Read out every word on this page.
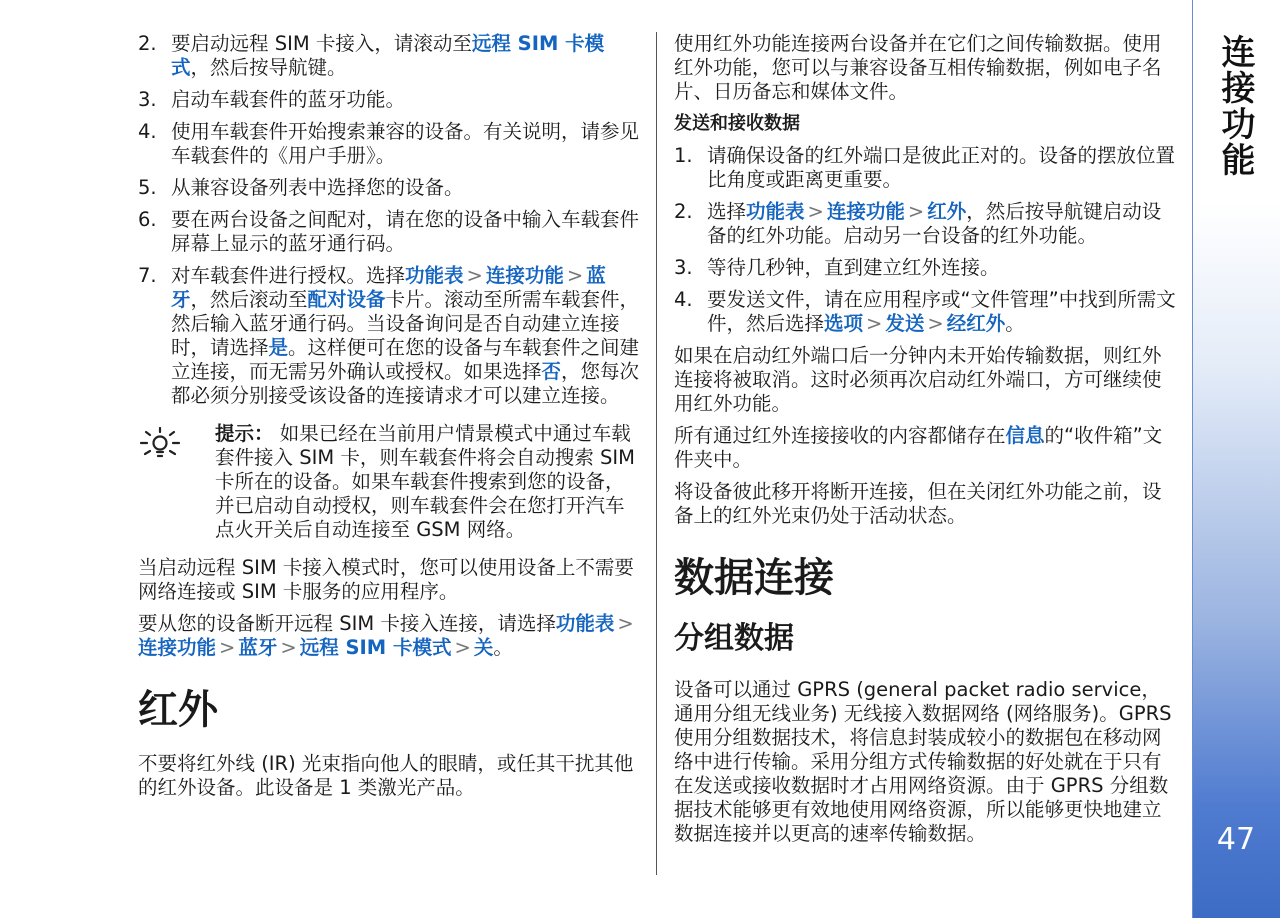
连接功能
47
2. 要启动远程 SIM 卡接入，请滚动至远程 SIM 卡模式，然后按导航键。
3. 启动车载套件的蓝牙功能。
4. 使用车载套件开始搜索兼容的设备。有关说明，请参见车载套件的《用户手册》。
5. 从兼容设备列表中选择您的设备。
6. 要在两台设备之间配对，请在您的设备中输入车载套件屏幕上显示的蓝牙通行码。
7. 对车载套件进行授权。选择功能表 > 连接功能 > 蓝牙，然后滚动至配对设备卡片。滚动至所需车载套件，然后输入蓝牙通行码。当设备询问是否自动建立连接时，请选择是。这样便可在您的设备与车载套件之间建立连接，而无需另外确认或授权。如果选择否，您每次都必须分别接受该设备的连接请求才可以建立连接。
提示： 如果已经在当前用户情景模式中通过车载套件接入 SIM 卡，则车载套件将会自动搜索 SIM 卡所在的设备。如果车载套件搜索到您的设备，并已启动自动授权，则车载套件会在您打开汽车点火开关后自动连接至 GSM 网络。

当启动远程 SIM 卡接入模式时，您可以使用设备上不需要网络连接或 SIM 卡服务的应用程序。

要从您的设备断开远程 SIM 卡接入连接，请选择功能表 >连接功能 > 蓝牙 > 远程 SIM 卡模式 > 关。

红外

不要将红外线 (IR) 光束指向他人的眼睛，或任其干扰其他的红外设备。此设备是 1 类激光产品。

使用红外功能连接两台设备并在它们之间传输数据。使用红外功能，您可以与兼容设备互相传输数据，例如电子名片、日历备忘和媒体文件。

发送和接收数据
1. 请确保设备的红外端口是彼此正对的。设备的摆放位置比角度或距离更重要。
2. 选择功能表 > 连接功能 > 红外，然后按导航键启动设备的红外功能。启动另一台设备的红外功能。
3. 等待几秒钟，直到建立红外连接。
4. 要发送文件，请在应用程序或“文件管理”中找到所需文件，然后选择选项 > 发送 > 经红外。

如果在启动红外端口后一分钟内未开始传输数据，则红外连接将被取消。这时必须再次启动红外端口，方可继续使用红外功能。

所有通过红外连接接收的内容都储存在信息的“收件箱”文件夹中。

将设备彼此移开将断开连接，但在关闭红外功能之前，设备上的红外光束仍处于活动状态。

数据连接
分组数据

设备可以通过 GPRS (general packet radio service，通用分组无线业务) 无线接入数据网络 (网络服务)。GPRS 使用分组数据技术，将信息封装成较小的数据包在移动网络中进行传输。采用分组方式传输数据的好处就在于只有在发送或接收数据时才占用网络资源。由于 GPRS 分组数据技术能够更有效地使用网络资源，所以能够更快地建立数据连接并以更高的速率传输数据。
